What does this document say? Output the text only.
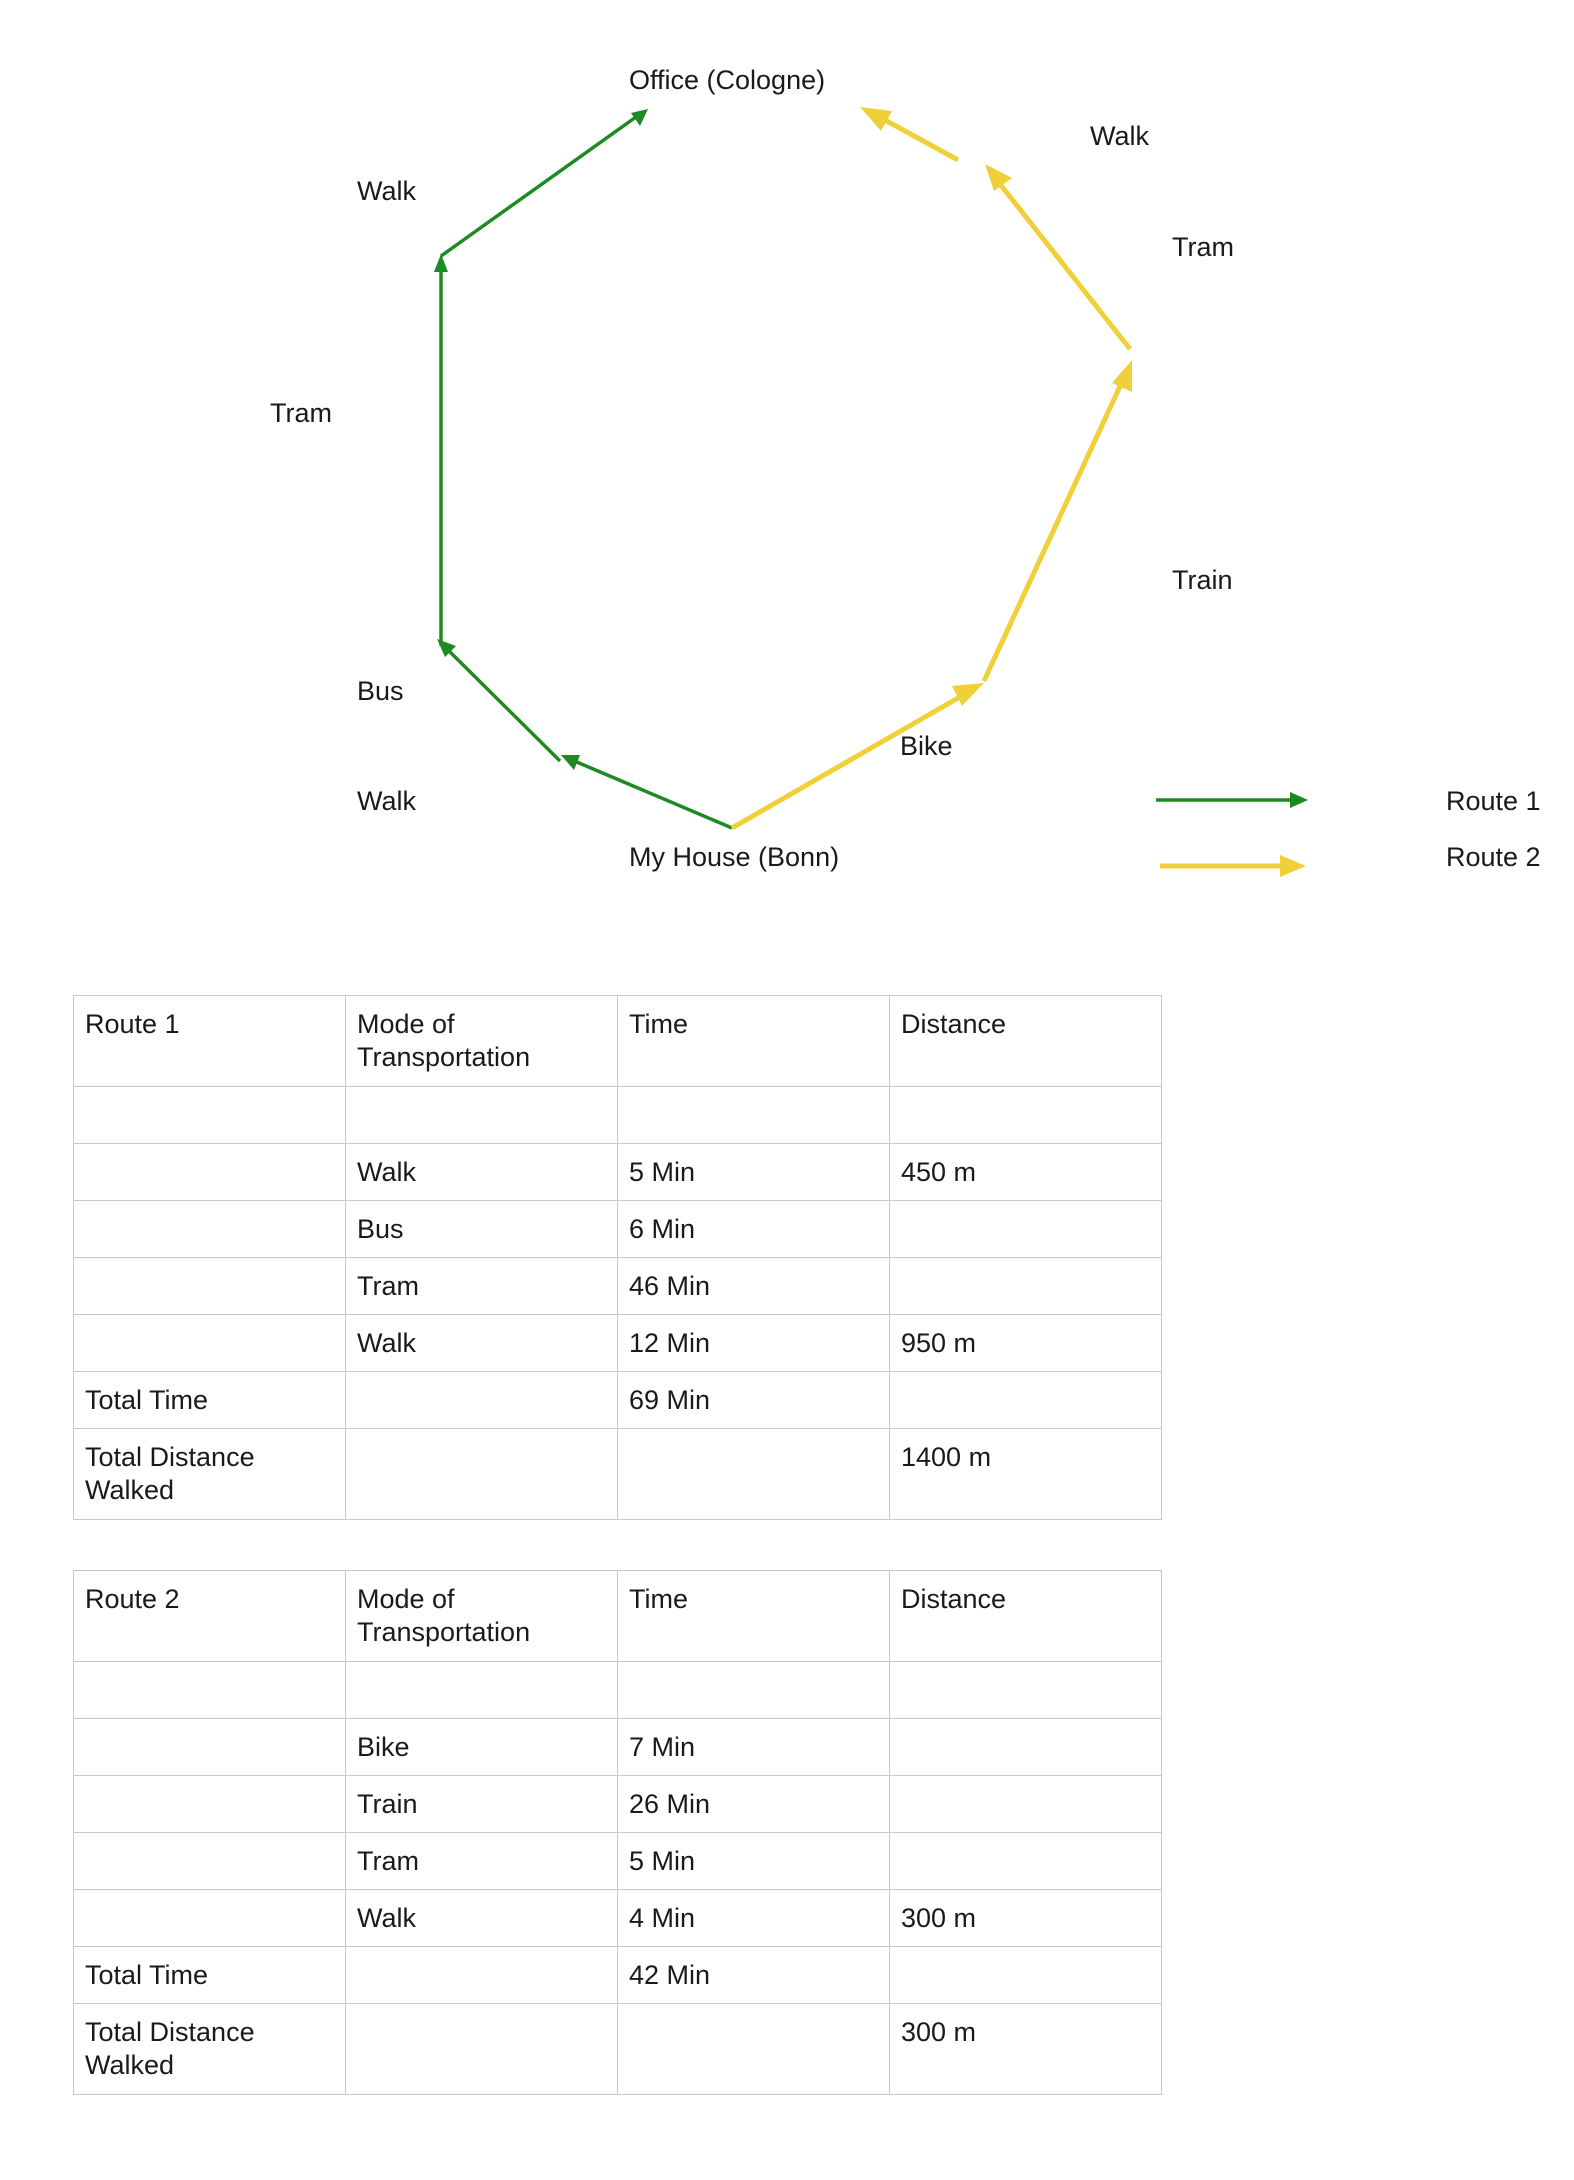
Route 1
Route 2
Office (Cologne)
My House (Bonn)
Walk
Bus
Tram
Walk
Bike
Train
Tram
Walk
Route 1	Mode of Transportation	Time	Distance

	Walk	5 Min	450 m
	Bus	6 Min	
	Tram	46 Min	
	Walk	12 Min	950 m
Total Time		69 Min	
Total Distance Walked			1400 m
Route 2	Mode of Transportation	Time	Distance

	Bike	7 Min	
	Train	26 Min	
	Tram	5 Min	
	Walk	4 Min	300 m
Total Time		42 Min	
Total Distance Walked			300 m
